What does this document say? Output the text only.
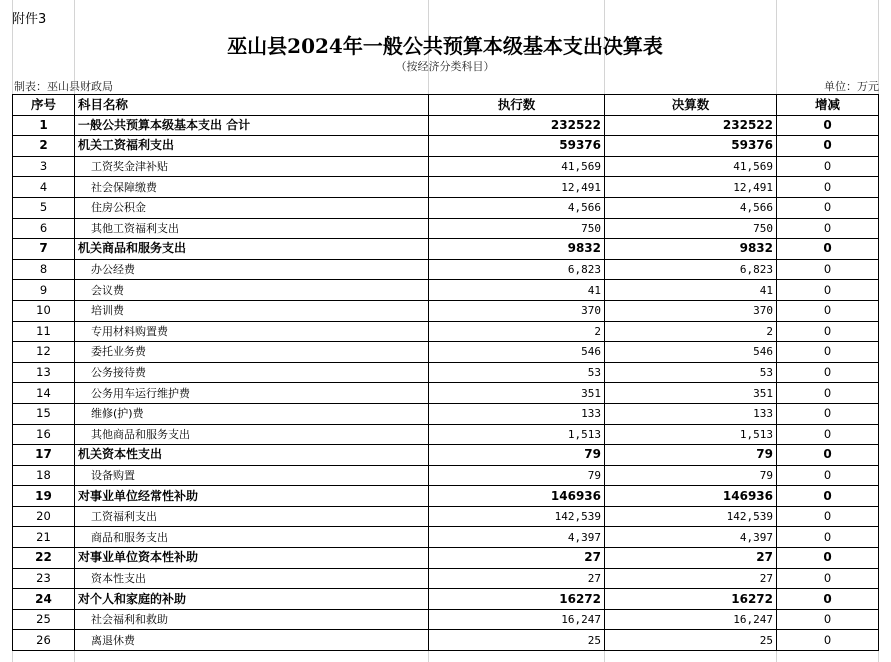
附件3
巫山县2024年一般公共预算本级基本支出决算表
（按经济分类科目）
制表：巫山县财政局	单位：万元
序号	科目名称	执行数	决算数	增减
1	一般公共预算本级基本支出 合计	232522	232522	0
2	机关工资福利支出	59376	59376	0
3	工资奖金津补贴	41,569	41,569	0
4	社会保障缴费	12,491	12,491	0
5	住房公积金	4,566	4,566	0
6	其他工资福利支出	750	750	0
7	机关商品和服务支出	9832	9832	0
8	办公经费	6,823	6,823	0
9	会议费	41	41	0
10	培训费	370	370	0
11	专用材料购置费	2	2	0
12	委托业务费	546	546	0
13	公务接待费	53	53	0
14	公务用车运行维护费	351	351	0
15	维修(护)费	133	133	0
16	其他商品和服务支出	1,513	1,513	0
17	机关资本性支出	79	79	0
18	设备购置	79	79	0
19	对事业单位经常性补助	146936	146936	0
20	工资福利支出	142,539	142,539	0
21	商品和服务支出	4,397	4,397	0
22	对事业单位资本性补助	27	27	0
23	资本性支出	27	27	0
24	对个人和家庭的补助	16272	16272	0
25	社会福利和救助	16,247	16,247	0
26	离退休费	25	25	0
